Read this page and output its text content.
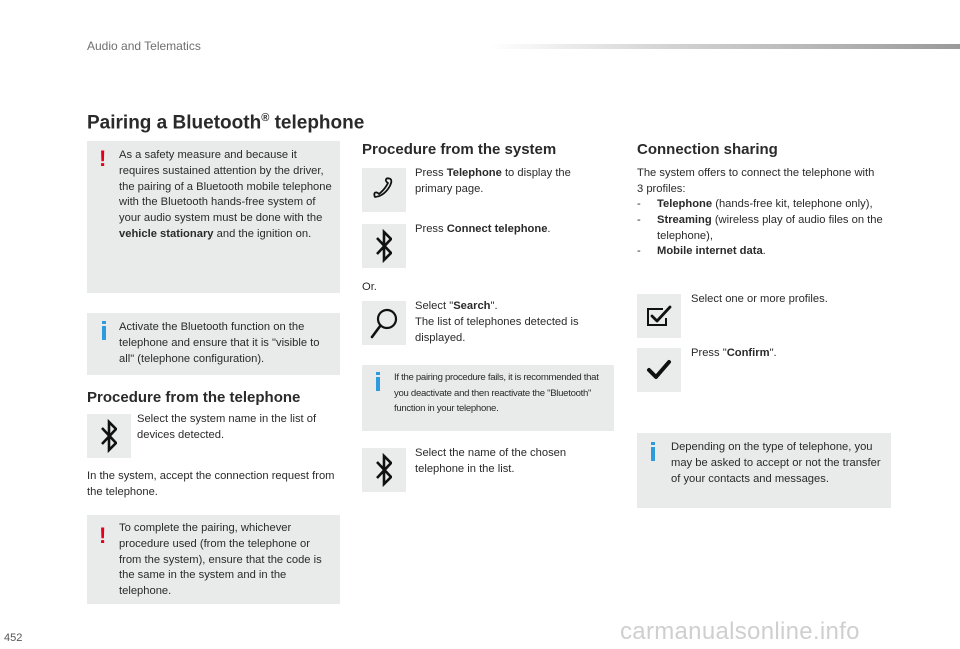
Audio and Telematics
Pairing a Bluetooth® telephone
! As a safety measure and because it requires sustained attention by the driver, the pairing of a Bluetooth mobile telephone with the Bluetooth hands-free system of your audio system must be done with the vehicle stationary and the ignition on.
Activate the Bluetooth function on the telephone and ensure that it is "visible to all" (telephone configuration).
Procedure from the telephone
Select the system name in the list of devices detected.
In the system, accept the connection request from the telephone.
! To complete the pairing, whichever procedure used (from the telephone or from the system), ensure that the code is the same in the system and in the telephone.
Procedure from the system
Press Telephone to display the primary page.
Press Connect telephone.
Or.
Select "Search".
The list of telephones detected is displayed.
If the pairing procedure fails, it is recommended that you deactivate and then reactivate the "Bluetooth" function in your telephone.
Select the name of the chosen telephone in the list.
Connection sharing
The system offers to connect the telephone with 3 profiles:
- Telephone (hands-free kit, telephone only),
- Streaming (wireless play of audio files on the telephone),
- Mobile internet data.
Select one or more profiles.
Press "Confirm".
Depending on the type of telephone, you may be asked to accept or not the transfer of your contacts and messages.
452	carmanualsonline.info
